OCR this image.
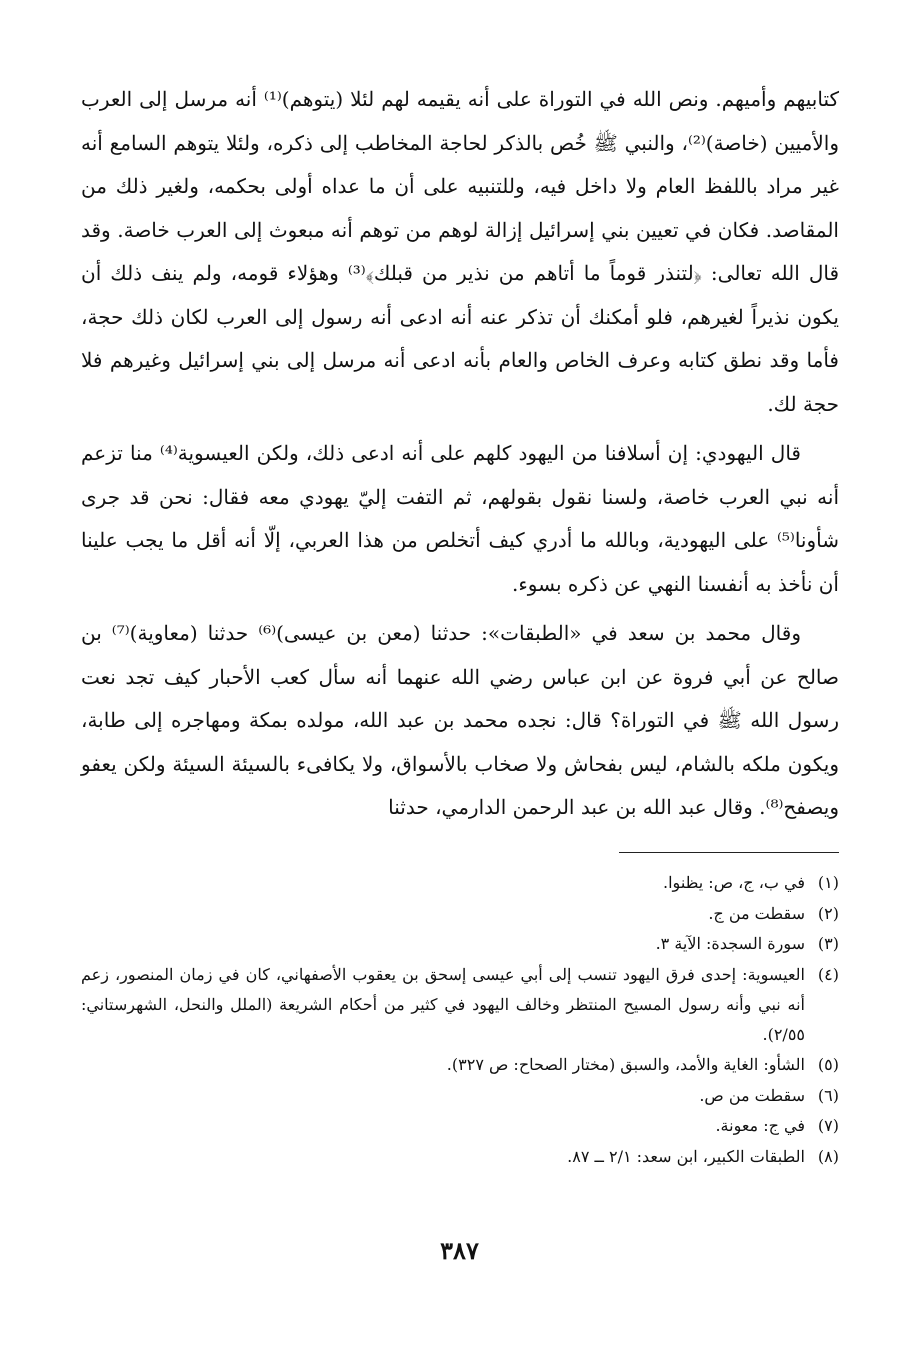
كتابيهم وأميهم. ونص الله في التوراة على أنه يقيمه لهم لئلا (يتوهم)⁽¹⁾ أنه مرسل إلى العرب والأميين (خاصة)⁽²⁾، والنبي ﷺ خُص بالذكر لحاجة المخاطب إلى ذكره، ولئلا يتوهم السامع أنه غير مراد باللفظ العام ولا داخل فيه، وللتنبيه على أن ما عداه أولى بحكمه، ولغير ذلك من المقاصد. فكان في تعيين بني إسرائيل إزالة لوهم من توهم أنه مبعوث إلى العرب خاصة. وقد قال الله تعالى: ﴿لتنذر قوماً ما أتاهم من نذير من قبلك﴾⁽³⁾ وهؤلاء قومه، ولم ينف ذلك أن يكون نذيراً لغيرهم، فلو أمكنك أن تذكر عنه أنه ادعى أنه رسول إلى العرب لكان ذلك حجة، فأما وقد نطق كتابه وعرف الخاص والعام بأنه ادعى أنه مرسل إلى بني إسرائيل وغيرهم فلا حجة لك.

قال اليهودي: إن أسلافنا من اليهود كلهم على أنه ادعى ذلك، ولكن العيسوية⁽⁴⁾ منا تزعم أنه نبي العرب خاصة، ولسنا نقول بقولهم، ثم التفت إليّ يهودي معه فقال: نحن قد جرى شأونا⁽⁵⁾ على اليهودية، وبالله ما أدري كيف أتخلص من هذا العربي، إلّا أنه أقل ما يجب علينا أن نأخذ به أنفسنا النهي عن ذكره بسوء.

وقال محمد بن سعد في «الطبقات»: حدثنا (معن بن عيسى)⁽⁶⁾ حدثنا (معاوية)⁽⁷⁾ بن صالح عن أبي فروة عن ابن عباس رضي الله عنهما أنه سأل كعب الأحبار كيف تجد نعت رسول الله ﷺ في التوراة؟ قال: نجده محمد بن عبد الله، مولده بمكة ومهاجره إلى طابة، ويكون ملكه بالشام، ليس بفحاش ولا صخاب بالأسواق، ولا يكافىء بالسيئة السيئة ولكن يعفو ويصفح⁽⁸⁾. وقال عبد الله بن عبد الرحمن الدارمي، حدثنا

(١)
في ب، ج، ص: يظنوا.
(٢)
سقطت من ج.
(٣)
سورة السجدة: الآية ٣.
(٤)
العيسوية: إحدى فرق اليهود تنسب إلى أبي عيسى إسحق بن يعقوب الأصفهاني، كان في زمان المنصور، زعم أنه نبي وأنه رسول المسيح المنتظر وخالف اليهود في كثير من أحكام الشريعة (الملل والنحل، الشهرستاني: ٢/٥٥).
(٥)
الشأو: الغاية والأمد، والسبق (مختار الصحاح: ص ٣٢٧).
(٦)
سقطت من ص.
(٧)
في ج: معونة.
(٨)
الطبقات الكبير، ابن سعد: ٢/١ ــ ٨٧.
٣٨٧
